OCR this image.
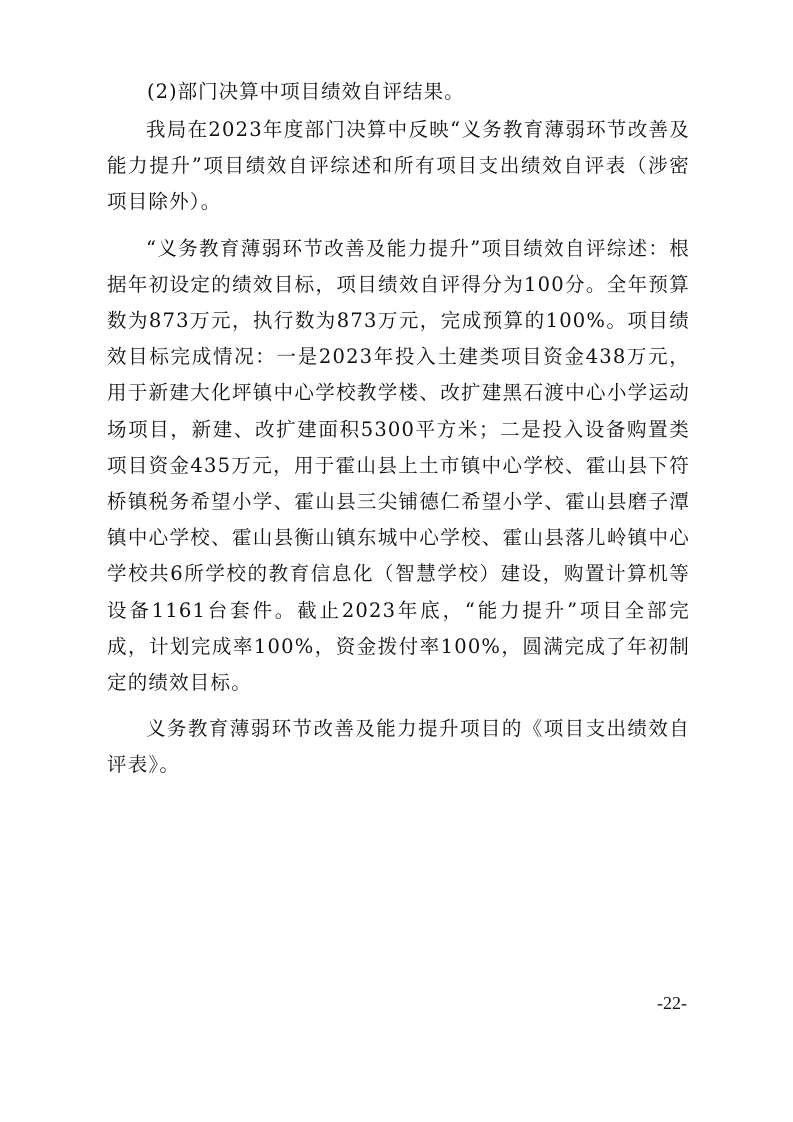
(2)部门决算中项目绩效自评结果。

我局在2023年度部门决算中反映“义务教育薄弱环节改善及能力提升”项目绩效自评综述和所有项目支出绩效自评表（涉密项目除外）。

“义务教育薄弱环节改善及能力提升”项目绩效自评综述：根据年初设定的绩效目标，项目绩效自评得分为100分。全年预算数为873万元，执行数为873万元，完成预算的100%。项目绩效目标完成情况：一是2023年投入土建类项目资金438万元，用于新建大化坪镇中心学校教学楼、改扩建黑石渡中心小学运动场项目，新建、改扩建面积5300平方米；二是投入设备购置类项目资金435万元，用于霍山县上土市镇中心学校、霍山县下符桥镇税务希望小学、霍山县三尖铺德仁希望小学、霍山县磨子潭镇中心学校、霍山县衡山镇东城中心学校、霍山县落儿岭镇中心学校共6所学校的教育信息化（智慧学校）建设，购置计算机等设备1161台套件。截止2023年底，“能力提升”项目全部完成，计划完成率100%，资金拨付率100%，圆满完成了年初制定的绩效目标。

义务教育薄弱环节改善及能力提升项目的《项目支出绩效自评表》。

-22-
